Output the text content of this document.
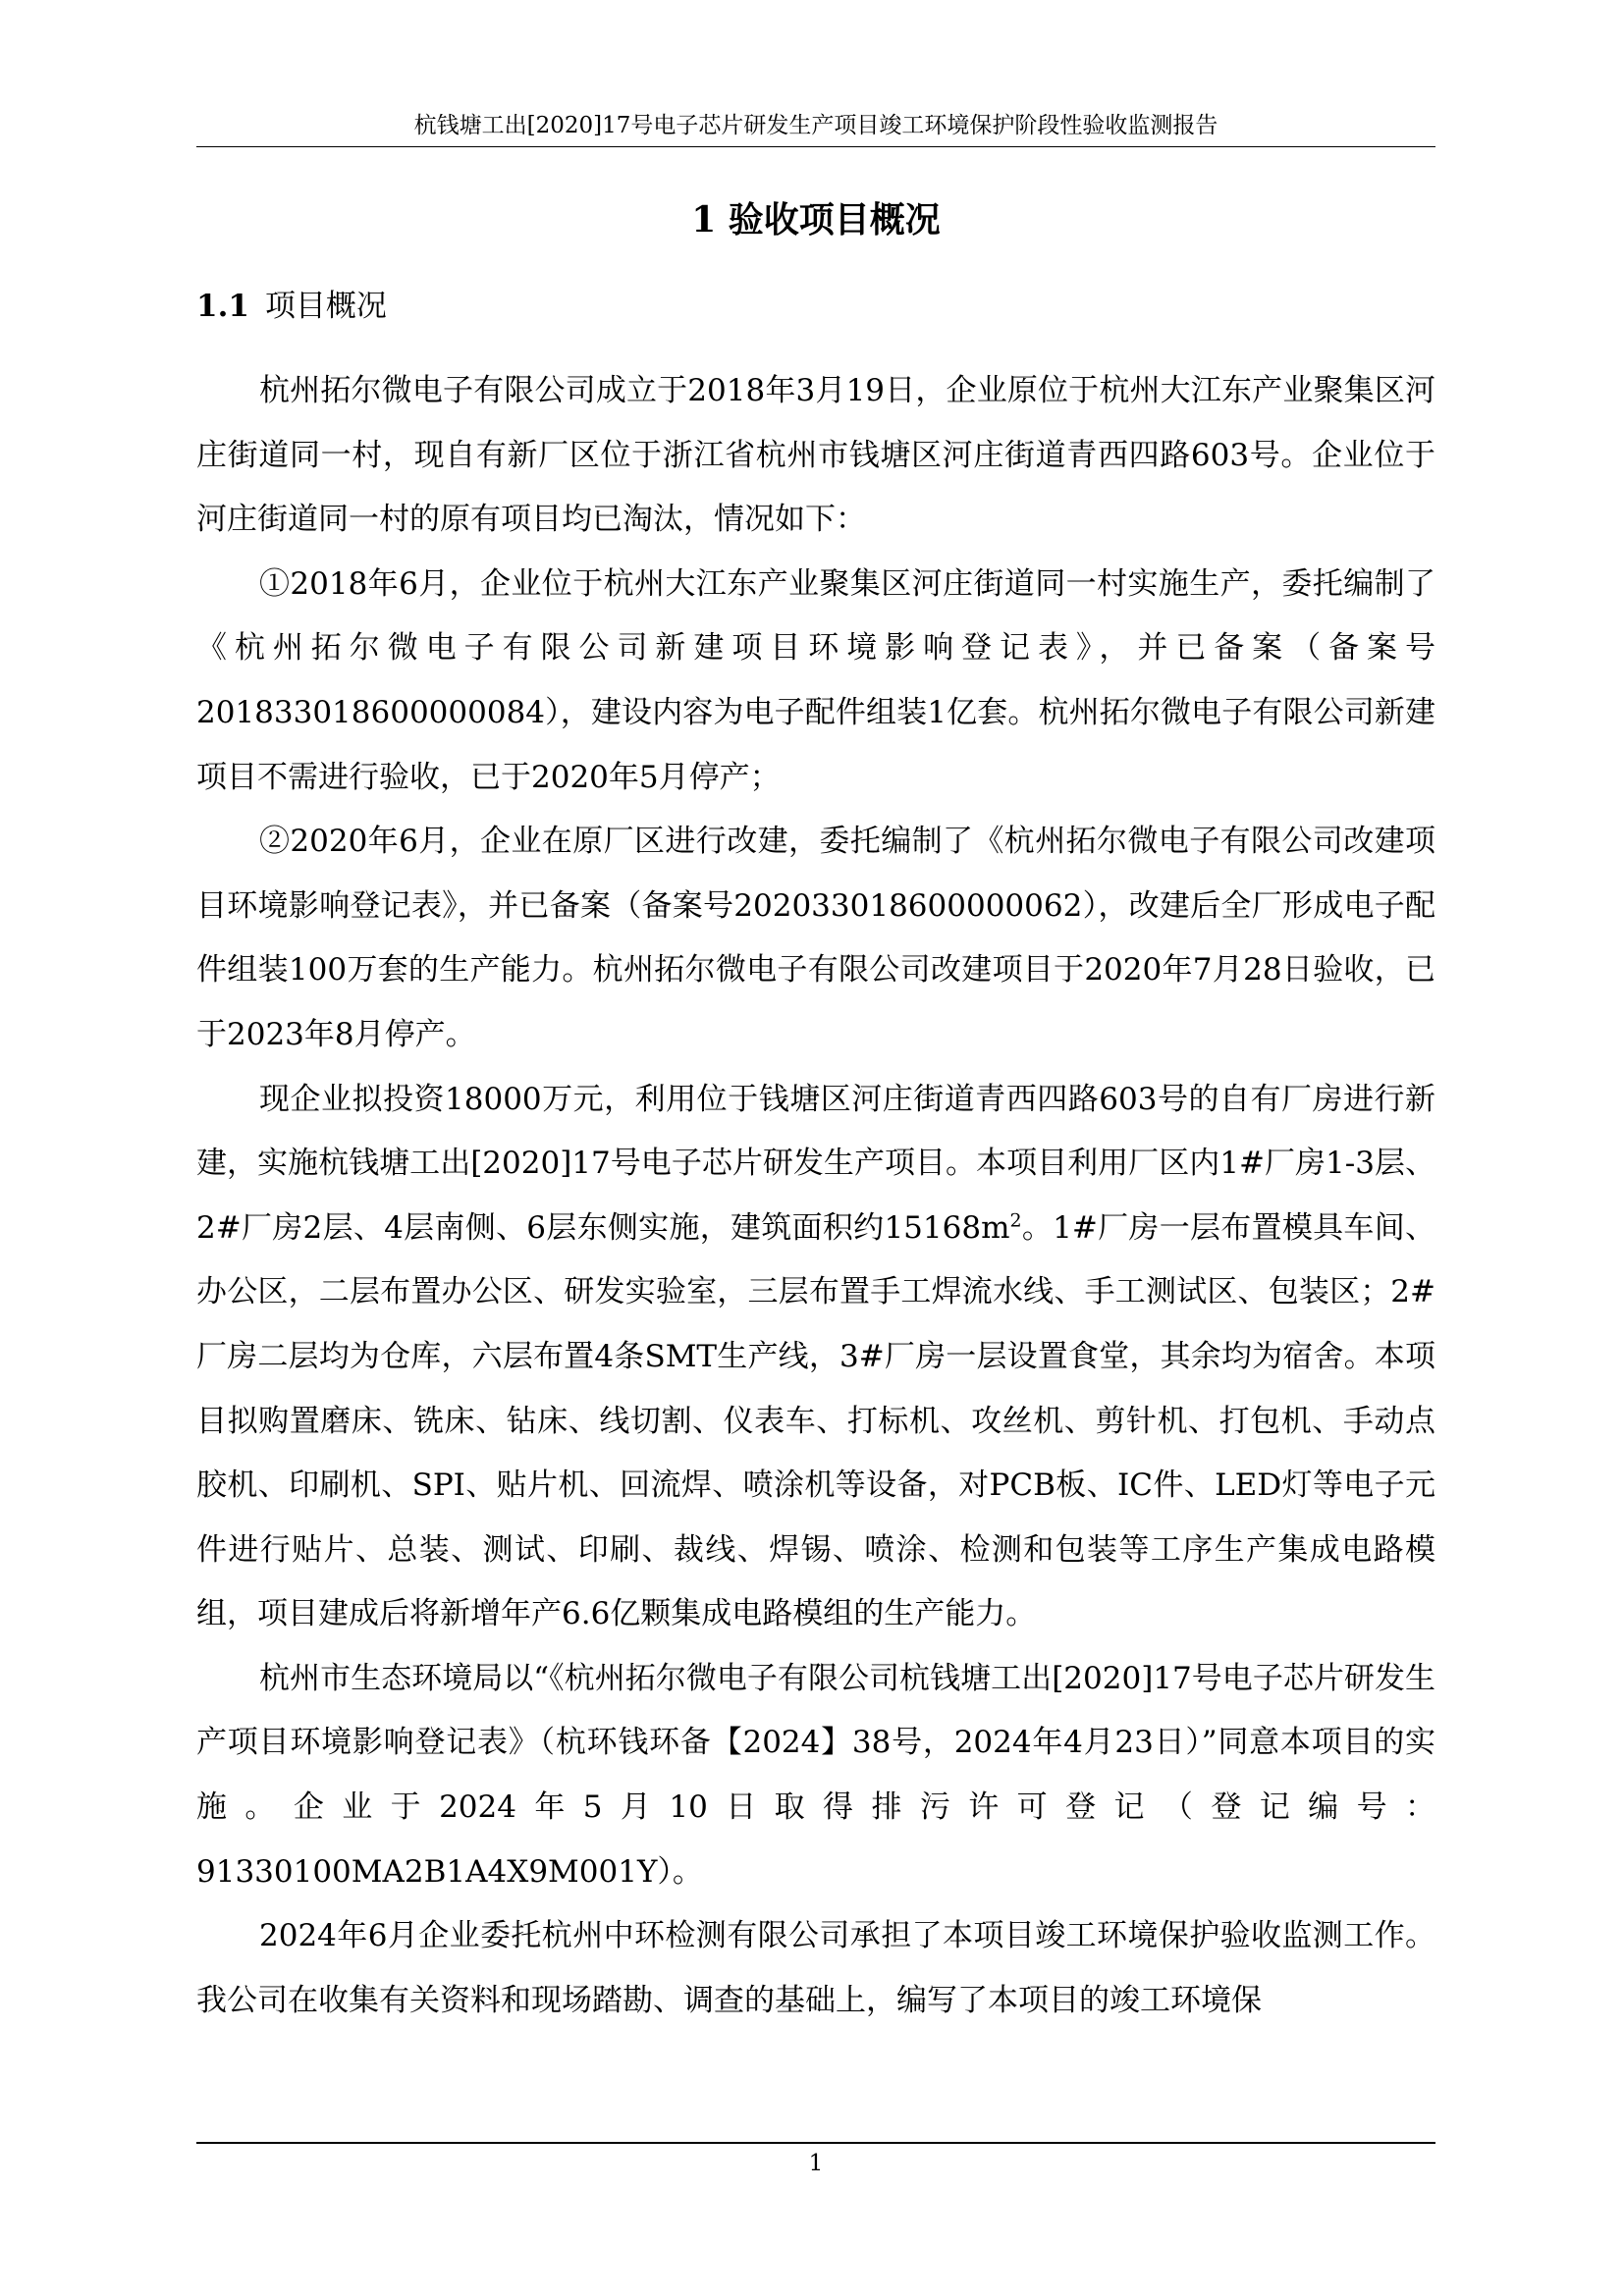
杭钱塘工出[2020]17号电子芯片研发生产项目竣工环境保护阶段性验收监测报告
1 验收项目概况
1.1 项目概况

杭州拓尔微电子有限公司成立于2018年3月19日，企业原位于杭州大江东产业聚集区河庄街道同一村，现自有新厂区位于浙江省杭州市钱塘区河庄街道青西四路603号。企业位于河庄街道同一村的原有项目均已淘汰，情况如下：

①2018年6月，企业位于杭州大江东产业聚集区河庄街道同一村实施生产，委托编制了《杭州拓尔微电子有限公司新建项目环境影响登记表》，并已备案（备案号201833018600000084），建设内容为电子配件组装1亿套。杭州拓尔微电子有限公司新建项目不需进行验收，已于2020年5月停产；

②2020年6月，企业在原厂区进行改建，委托编制了《杭州拓尔微电子有限公司改建项目环境影响登记表》，并已备案（备案号202033018600000062），改建后全厂形成电子配件组装100万套的生产能力。杭州拓尔微电子有限公司改建项目于2020年7月28日验收，已于2023年8月停产。

现企业拟投资18000万元，利用位于钱塘区河庄街道青西四路603号的自有厂房进行新建，实施杭钱塘工出[2020]17号电子芯片研发生产项目。本项目利用厂区内1#厂房1-3层、2#厂房2层、4层南侧、6层东侧实施，建筑面积约$15168m^2$。1#厂房一层布置模具车间、办公区，二层布置办公区、研发实验室，三层布置手工焊流水线、手工测试区、包装区；2#厂房二层均为仓库，六层布置4条SMT生产线，3#厂房一层设置食堂，其余均为宿舍。本项目拟购置磨床、铣床、钻床、线切割、仪表车、打标机、攻丝机、剪针机、打包机、手动点胶机、印刷机、SPI、贴片机、回流焊、喷涂机等设备，对PCB板、IC件、LED灯等电子元件进行贴片、总装、测试、印刷、裁线、焊锡、喷涂、检测和包装等工序生产集成电路模组，项目建成后将新增年产6.6亿颗集成电路模组的生产能力。

杭州市生态环境局以“《杭州拓尔微电子有限公司杭钱塘工出[2020]17号电子芯片研发生产项目环境影响登记表》（杭环钱环备【2024】38号，2024年4月23日）”同意本项目的实施。企业于2024年5月10日取得排污许可登记（登记编号：91330100MA2B1A4X9M001Y）。

2024年6月企业委托杭州中环检测有限公司承担了本项目竣工环境保护验收监测工作。我公司在收集有关资料和现场踏勘、调查的基础上，编写了本项目的竣工环境保

1
